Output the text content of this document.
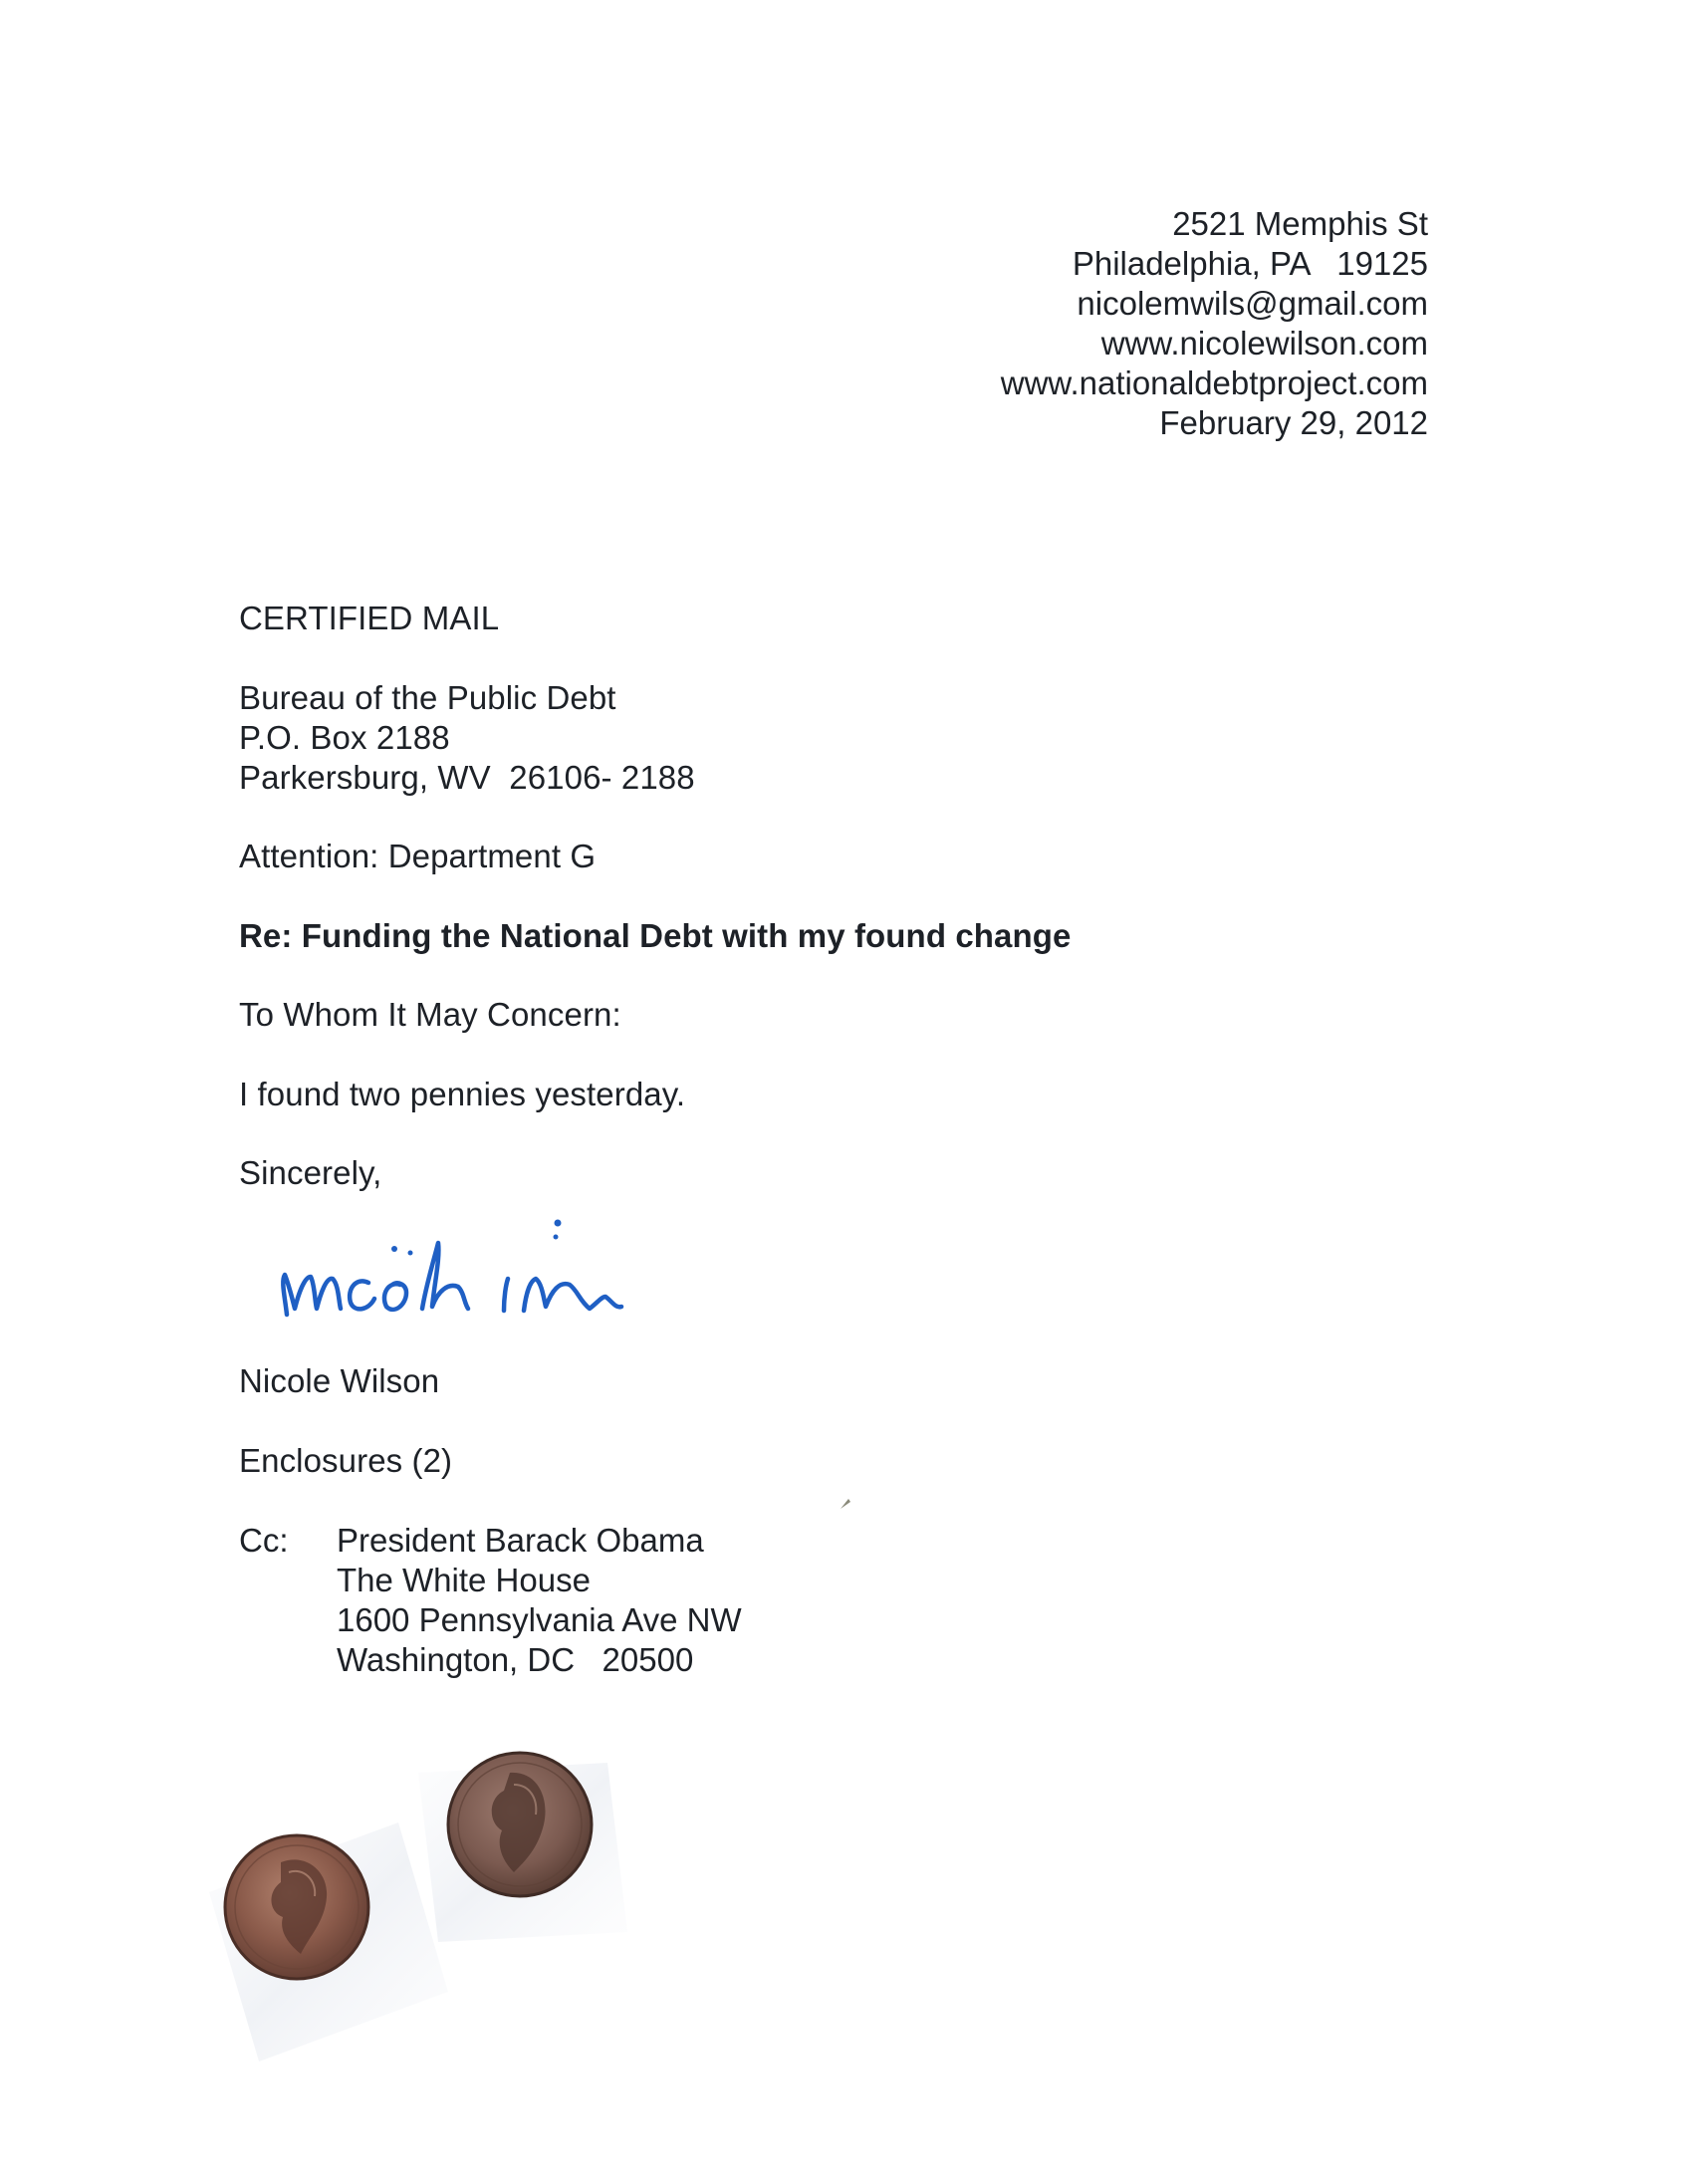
2521 Memphis St
Philadelphia, PA   19125
nicolemwils@gmail.com
www.nicolewilson.com
www.nationaldebtproject.com
February 29, 2012
CERTIFIED MAIL
Bureau of the Public Debt
P.O. Box 2188
Parkersburg, WV  26106- 2188
Attention: Department G
Re: Funding the National Debt with my found change
To Whom It May Concern:
I found two pennies yesterday.
Sincerely,
Nicole Wilson
Enclosures (2)
Cc: President Barack Obama
The White House
1600 Pennsylvania Ave NW
Washington, DC   20500
